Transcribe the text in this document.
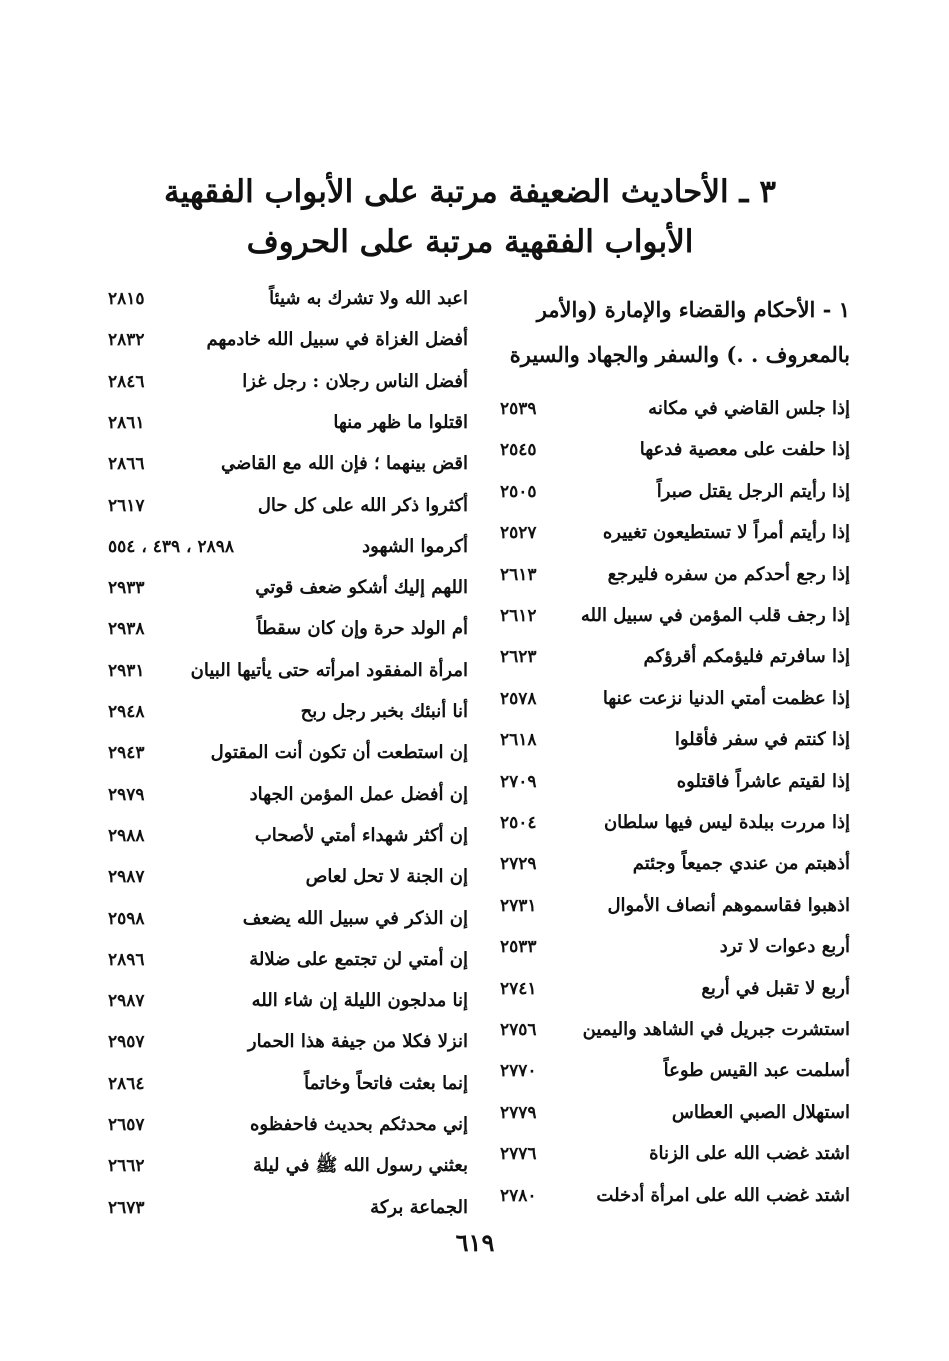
٣ ـ الأحاديث الضعيفة مرتبة على الأبواب الفقهية
الأبواب الفقهية مرتبة على الحروف
١ - الأحكام والقضاء والإمارة (والأمر
بالمعروف . .) والسفر والجهاد والسيرة
إذا جلس القاضي في مكانه
٢٥٣٩
إذا حلفت على معصية فدعها
٢٥٤٥
إذا رأيتم الرجل يقتل صبراً
٢٥٠٥
إذا رأيتم أمراً لا تستطيعون تغييره
٢٥٢٧
إذا رجع أحدكم من سفره فليرجع
٢٦١٣
إذا رجف قلب المؤمن في سبيل الله
٢٦١٢
إذا سافرتم فليؤمكم أقرؤكم
٢٦٢٣
إذا عظمت أمتي الدنيا نزعت عنها
٢٥٧٨
إذا كنتم في سفر فأقلوا
٢٦١٨
إذا لقيتم عاشراً فاقتلوه
٢٧٠٩
إذا مررت ببلدة ليس فيها سلطان
٢٥٠٤
أذهبتم من عندي جميعاً وجئتم
٢٧٢٩
اذهبوا فقاسموهم أنصاف الأموال
٢٧٣١
أربع دعوات لا ترد
٢٥٣٣
أربع لا تقبل في أربع
٢٧٤١
استشرت جبريل في الشاهد واليمين
٢٧٥٦
أسلمت عبد القيس طوعاً
٢٧٧٠
استهلال الصبي العطاس
٢٧٧٩
اشتد غضب الله على الزناة
٢٧٧٦
اشتد غضب الله على امرأة أدخلت
٢٧٨٠
اعبد الله ولا تشرك به شيئاً
٢٨١٥
أفضل الغزاة في سبيل الله خادمهم
٢٨٣٢
أفضل الناس رجلان : رجل غزا
٢٨٤٦
اقتلوا ما ظهر منها
٢٨٦١
اقض بينهما ؛ فإن الله مع القاضي
٢٨٦٦
أكثروا ذكر الله على كل حال
٢٦١٧
أكرموا الشهود
٢٨٩٨ ، ٤٣٩ ، ٥٥٤
اللهم إليك أشكو ضعف قوتي
٢٩٣٣
أم الولد حرة وإن كان سقطاً
٢٩٣٨
امرأة المفقود امرأته حتى يأتيها البيان
٢٩٣١
أنا أنبئك بخبر رجل ربح
٢٩٤٨
إن استطعت أن تكون أنت المقتول
٢٩٤٣
إن أفضل عمل المؤمن الجهاد
٢٩٧٩
إن أكثر شهداء أمتي لأصحاب
٢٩٨٨
إن الجنة لا تحل لعاص
٢٩٨٧
إن الذكر في سبيل الله يضعف
٢٥٩٨
إن أمتي لن تجتمع على ضلالة
٢٨٩٦
إنا مدلجون الليلة إن شاء الله
٢٩٨٧
انزلا فكلا من جيفة هذا الحمار
٢٩٥٧
إنما بعثت فاتحاً وخاتماً
٢٨٦٤
إني محدثكم بحديث فاحفظوه
٢٦٥٧
بعثني رسول الله ﷺ في ليلة
٢٦٦٢
الجماعة بركة
٢٦٧٣
٦١٩
